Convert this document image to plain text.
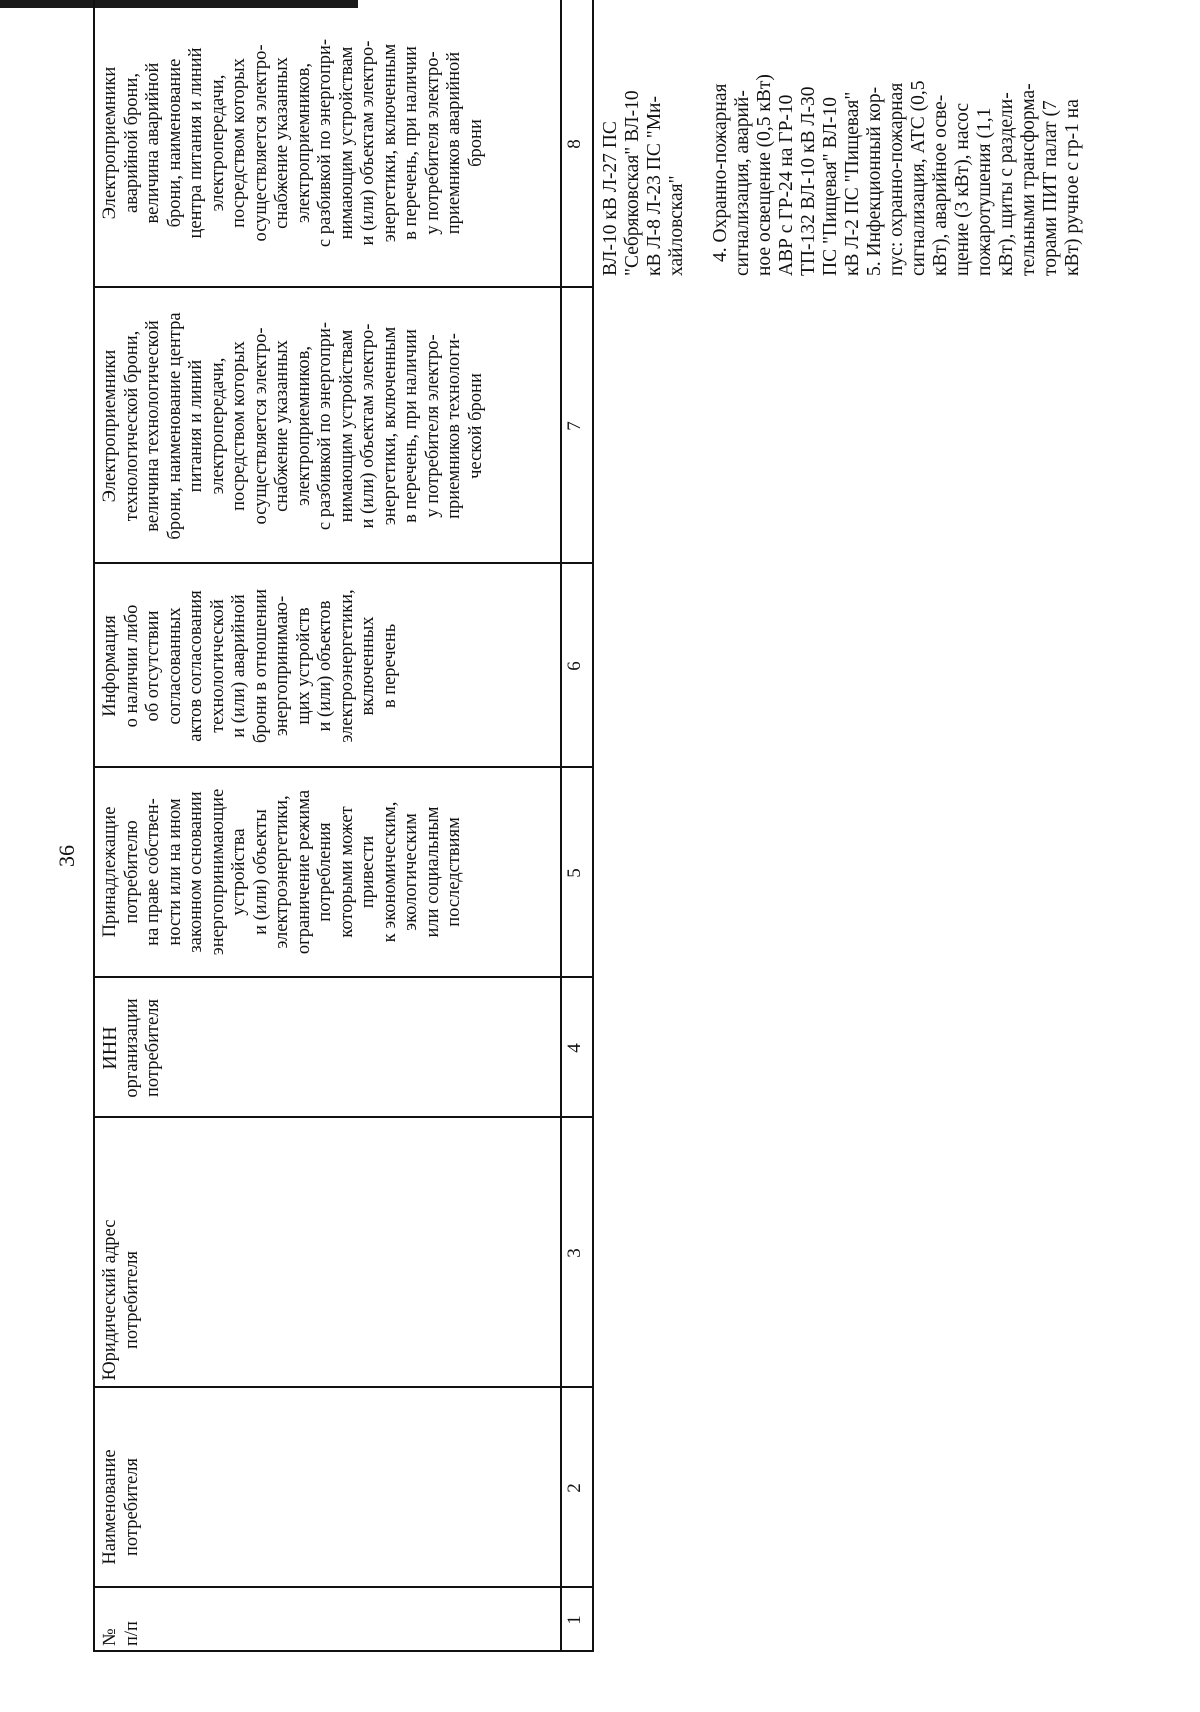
36
№ п/п
Наименование потребителя
Юридический адрес потребителя
ИНН организации потребителя
Принадлежащие потребителю на праве собствен- ности или на ином законном основании энергопринимающие устройства и (или) объекты электроэнергетики, ограничение режима потребления которыми может привести к экономическим, экологическим или социальным последствиям
Информация о наличии либо об отсутствии согласованных актов согласования технологической и (или) аварийной брони в отношении энергопринимаю- щих устройств и (или) объектов электроэнергетики, включенных в перечень
Электроприемники технологической брони, величина технологической брони, наименование центра питания и линий электропередачи, посредством которых осуществляется электро- снабжение указанных электроприемников, с разбивкой по энергопри- нимающим устройствам и (или) объектам электро- энергетики, включенным в перечень, при наличии у потребителя электро- приемников технологи- ческой брони
Электроприемники аварийной брони, величина аварийной брони, наименование центра питания и линий электропередачи, посредством которых осуществляется электро- снабжение указанных электроприемников, с разбивкой по энергопри- нимающим устройствам и (или) объектам электро- энергетики, включенным в перечень, при наличии у потребителя электро- приемников аварийной брони
1
2
3
4
5
6
7
8 ВЛ-10 кВ Л-27 ПС "Себряковская" ВЛ-10 кВ Л-8 Л-23 ПС "Ми- хайловская" 4. Охранно-пожарная сигнализация, аварий- ное освещение (0,5 кВт) АВР с ГР-24 на ГР-10 ТП-132 ВЛ-10 кВ Л-30 ПС "Пищевая" ВЛ-10 кВ Л-2 ПС "Пищевая" 5. Инфекционный кор- пус: охранно-пожарная сигнализация, АТС (0,5 кВт), аварийное осве- щение (3 кВт), насос пожаротушения (1,1 кВт), щиты с раздели- тельными трансформа- торами ПИТ палат (7 кВт) ручное с гр-1 на
